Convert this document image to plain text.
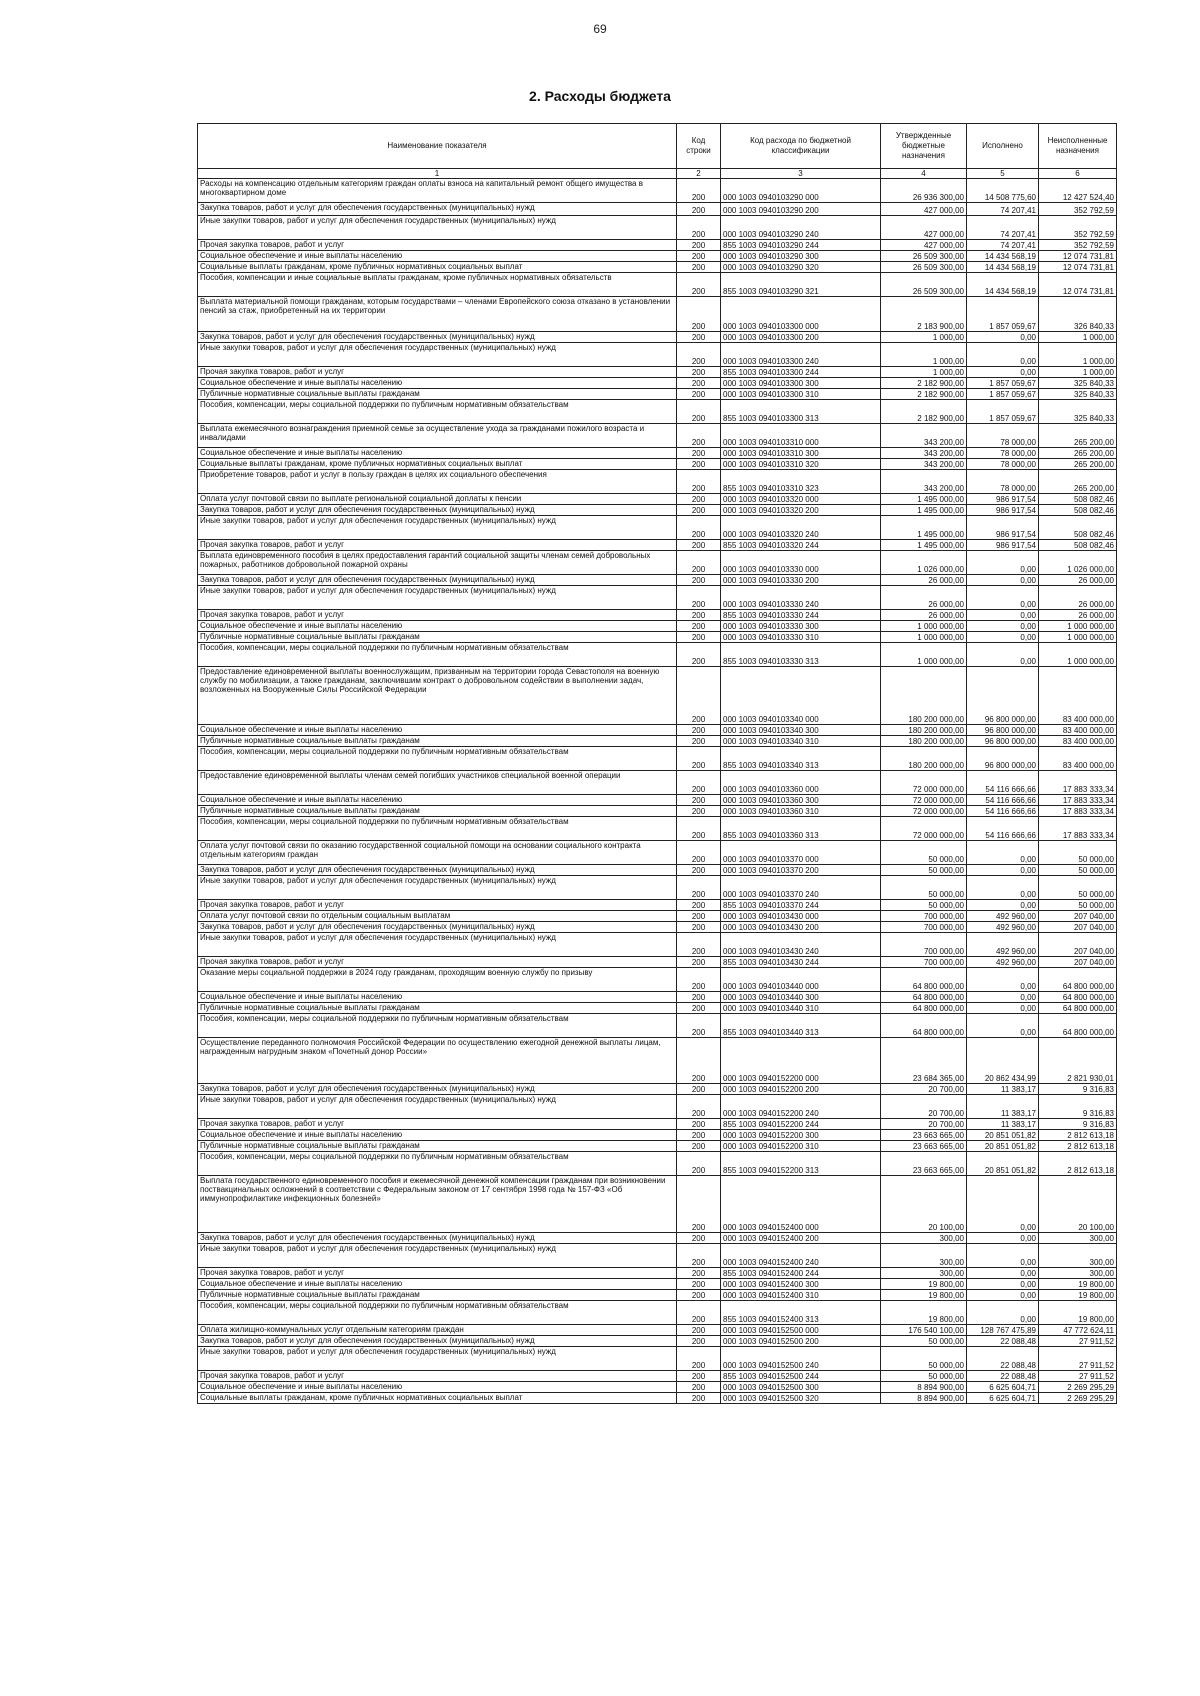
69
2. Расходы бюджета
Наименование показателя	Код строки	Код расхода по бюджетной классификации	Утвержденные бюджетные назначения	Исполнено	Неисполненные назначения
1	2	3	4	5	6
Расходы на компенсацию отдельным категориям граждан оплаты взноса на капитальный ремонт общего имущества в многоквартирном доме	200	000 1003 0940103290 000	26 936 300,00	14 508 775,60	12 427 524,40
Закупка товаров, работ и услуг для обеспечения государственных (муниципальных) нужд	200	000 1003 0940103290 200	427 000,00	74 207,41	352 792,59
Иные закупки товаров, работ и услуг для обеспечения государственных (муниципальных) нужд	200	000 1003 0940103290 240	427 000,00	74 207,41	352 792,59
Прочая закупка товаров, работ и услуг	200	855 1003 0940103290 244	427 000,00	74 207,41	352 792,59
Социальное обеспечение и иные выплаты населению	200	000 1003 0940103290 300	26 509 300,00	14 434 568,19	12 074 731,81
Социальные выплаты гражданам, кроме публичных нормативных социальных выплат	200	000 1003 0940103290 320	26 509 300,00	14 434 568,19	12 074 731,81
Пособия, компенсации и иные социальные выплаты гражданам, кроме публичных нормативных обязательств	200	855 1003 0940103290 321	26 509 300,00	14 434 568,19	12 074 731,81
Выплата материальной помощи гражданам, которым государствами – членами Европейского союза отказано в установлении пенсий за стаж, приобретенный на их территории	200	000 1003 0940103300 000	2 183 900,00	1 857 059,67	326 840,33
Закупка товаров, работ и услуг для обеспечения государственных (муниципальных) нужд	200	000 1003 0940103300 200	1 000,00	0,00	1 000,00
Иные закупки товаров, работ и услуг для обеспечения государственных (муниципальных) нужд	200	000 1003 0940103300 240	1 000,00	0,00	1 000,00
Прочая закупка товаров, работ и услуг	200	855 1003 0940103300 244	1 000,00	0,00	1 000,00
Социальное обеспечение и иные выплаты населению	200	000 1003 0940103300 300	2 182 900,00	1 857 059,67	325 840,33
Публичные нормативные социальные выплаты гражданам	200	000 1003 0940103300 310	2 182 900,00	1 857 059,67	325 840,33
Пособия, компенсации, меры социальной поддержки по публичным нормативным обязательствам	200	855 1003 0940103300 313	2 182 900,00	1 857 059,67	325 840,33
Выплата ежемесячного вознаграждения приемной семье за осуществление ухода за гражданами пожилого возраста и инвалидами	200	000 1003 0940103310 000	343 200,00	78 000,00	265 200,00
Социальное обеспечение и иные выплаты населению	200	000 1003 0940103310 300	343 200,00	78 000,00	265 200,00
Социальные выплаты гражданам, кроме публичных нормативных социальных выплат	200	000 1003 0940103310 320	343 200,00	78 000,00	265 200,00
Приобретение товаров, работ и услуг в пользу граждан в целях их социального обеспечения	200	855 1003 0940103310 323	343 200,00	78 000,00	265 200,00
Оплата услуг почтовой связи по выплате региональной социальной доплаты к пенсии	200	000 1003 0940103320 000	1 495 000,00	986 917,54	508 082,46
Закупка товаров, работ и услуг для обеспечения государственных (муниципальных) нужд	200	000 1003 0940103320 200	1 495 000,00	986 917,54	508 082,46
Иные закупки товаров, работ и услуг для обеспечения государственных (муниципальных) нужд	200	000 1003 0940103320 240	1 495 000,00	986 917,54	508 082,46
Прочая закупка товаров, работ и услуг	200	855 1003 0940103320 244	1 495 000,00	986 917,54	508 082,46
Выплата единовременного пособия в целях предоставления гарантий социальной защиты членам семей добровольных пожарных, работников добровольной пожарной охраны	200	000 1003 0940103330 000	1 026 000,00	0,00	1 026 000,00
Закупка товаров, работ и услуг для обеспечения государственных (муниципальных) нужд	200	000 1003 0940103330 200	26 000,00	0,00	26 000,00
Иные закупки товаров, работ и услуг для обеспечения государственных (муниципальных) нужд	200	000 1003 0940103330 240	26 000,00	0,00	26 000,00
Прочая закупка товаров, работ и услуг	200	855 1003 0940103330 244	26 000,00	0,00	26 000,00
Социальное обеспечение и иные выплаты населению	200	000 1003 0940103330 300	1 000 000,00	0,00	1 000 000,00
Публичные нормативные социальные выплаты гражданам	200	000 1003 0940103330 310	1 000 000,00	0,00	1 000 000,00
Пособия, компенсации, меры социальной поддержки по публичным нормативным обязательствам	200	855 1003 0940103330 313	1 000 000,00	0,00	1 000 000,00
Предоставление единовременной выплаты военнослужащим, призванным на территории города Севастополя на военную службу по мобилизации, а также гражданам, заключившим контракт о добровольном содействии в выполнении задач, возложенных на Вооруженные Силы Российской Федерации	200	000 1003 0940103340 000	180 200 000,00	96 800 000,00	83 400 000,00
Социальное обеспечение и иные выплаты населению	200	000 1003 0940103340 300	180 200 000,00	96 800 000,00	83 400 000,00
Публичные нормативные социальные выплаты гражданам	200	000 1003 0940103340 310	180 200 000,00	96 800 000,00	83 400 000,00
Пособия, компенсации, меры социальной поддержки по публичным нормативным обязательствам	200	855 1003 0940103340 313	180 200 000,00	96 800 000,00	83 400 000,00
Предоставление единовременной выплаты членам семей погибших участников специальной военной операции	200	000 1003 0940103360 000	72 000 000,00	54 116 666,66	17 883 333,34
Социальное обеспечение и иные выплаты населению	200	000 1003 0940103360 300	72 000 000,00	54 116 666,66	17 883 333,34
Публичные нормативные социальные выплаты гражданам	200	000 1003 0940103360 310	72 000 000,00	54 116 666,66	17 883 333,34
Пособия, компенсации, меры социальной поддержки по публичным нормативным обязательствам	200	855 1003 0940103360 313	72 000 000,00	54 116 666,66	17 883 333,34
Оплата услуг почтовой связи по оказанию государственной социальной помощи на основании социального контракта отдельным категориям граждан	200	000 1003 0940103370 000	50 000,00	0,00	50 000,00
Закупка товаров, работ и услуг для обеспечения государственных (муниципальных) нужд	200	000 1003 0940103370 200	50 000,00	0,00	50 000,00
Иные закупки товаров, работ и услуг для обеспечения государственных (муниципальных) нужд	200	000 1003 0940103370 240	50 000,00	0,00	50 000,00
Прочая закупка товаров, работ и услуг	200	855 1003 0940103370 244	50 000,00	0,00	50 000,00
Оплата услуг почтовой связи по отдельным социальным выплатам	200	000 1003 0940103430 000	700 000,00	492 960,00	207 040,00
Закупка товаров, работ и услуг для обеспечения государственных (муниципальных) нужд	200	000 1003 0940103430 200	700 000,00	492 960,00	207 040,00
Иные закупки товаров, работ и услуг для обеспечения государственных (муниципальных) нужд	200	000 1003 0940103430 240	700 000,00	492 960,00	207 040,00
Прочая закупка товаров, работ и услуг	200	855 1003 0940103430 244	700 000,00	492 960,00	207 040,00
Оказание меры социальной поддержки в 2024 году гражданам, проходящим военную службу по призыву	200	000 1003 0940103440 000	64 800 000,00	0,00	64 800 000,00
Социальное обеспечение и иные выплаты населению	200	000 1003 0940103440 300	64 800 000,00	0,00	64 800 000,00
Публичные нормативные социальные выплаты гражданам	200	000 1003 0940103440 310	64 800 000,00	0,00	64 800 000,00
Пособия, компенсации, меры социальной поддержки по публичным нормативным обязательствам	200	855 1003 0940103440 313	64 800 000,00	0,00	64 800 000,00
Осуществление переданного полномочия Российской Федерации по осуществлению ежегодной денежной выплаты лицам, награжденным нагрудным знаком «Почетный донор России»	200	000 1003 0940152200 000	23 684 365,00	20 862 434,99	2 821 930,01
Закупка товаров, работ и услуг для обеспечения государственных (муниципальных) нужд	200	000 1003 0940152200 200	20 700,00	11 383,17	9 316,83
Иные закупки товаров, работ и услуг для обеспечения государственных (муниципальных) нужд	200	000 1003 0940152200 240	20 700,00	11 383,17	9 316,83
Прочая закупка товаров, работ и услуг	200	855 1003 0940152200 244	20 700,00	11 383,17	9 316,83
Социальное обеспечение и иные выплаты населению	200	000 1003 0940152200 300	23 663 665,00	20 851 051,82	2 812 613,18
Публичные нормативные социальные выплаты гражданам	200	000 1003 0940152200 310	23 663 665,00	20 851 051,82	2 812 613,18
Пособия, компенсации, меры социальной поддержки по публичным нормативным обязательствам	200	855 1003 0940152200 313	23 663 665,00	20 851 051,82	2 812 613,18
Выплата государственного единовременного пособия и ежемесячной денежной компенсации гражданам при возникновении поствакцинальных осложнений в соответствии с Федеральным законом от 17 сентября 1998 года № 157-ФЗ «Об иммунопрофилактике инфекционных болезней»	200	000 1003 0940152400 000	20 100,00	0,00	20 100,00
Закупка товаров, работ и услуг для обеспечения государственных (муниципальных) нужд	200	000 1003 0940152400 200	300,00	0,00	300,00
Иные закупки товаров, работ и услуг для обеспечения государственных (муниципальных) нужд	200	000 1003 0940152400 240	300,00	0,00	300,00
Прочая закупка товаров, работ и услуг	200	855 1003 0940152400 244	300,00	0,00	300,00
Социальное обеспечение и иные выплаты населению	200	000 1003 0940152400 300	19 800,00	0,00	19 800,00
Публичные нормативные социальные выплаты гражданам	200	000 1003 0940152400 310	19 800,00	0,00	19 800,00
Пособия, компенсации, меры социальной поддержки по публичным нормативным обязательствам	200	855 1003 0940152400 313	19 800,00	0,00	19 800,00
Оплата жилищно-коммунальных услуг отдельным категориям граждан	200	000 1003 0940152500 000	176 540 100,00	128 767 475,89	47 772 624,11
Закупка товаров, работ и услуг для обеспечения государственных (муниципальных) нужд	200	000 1003 0940152500 200	50 000,00	22 088,48	27 911,52
Иные закупки товаров, работ и услуг для обеспечения государственных (муниципальных) нужд	200	000 1003 0940152500 240	50 000,00	22 088,48	27 911,52
Прочая закупка товаров, работ и услуг	200	855 1003 0940152500 244	50 000,00	22 088,48	27 911,52
Социальное обеспечение и иные выплаты населению	200	000 1003 0940152500 300	8 894 900,00	6 625 604,71	2 269 295,29
Социальные выплаты гражданам, кроме публичных нормативных социальных выплат	200	000 1003 0940152500 320	8 894 900,00	6 625 604,71	2 269 295,29
